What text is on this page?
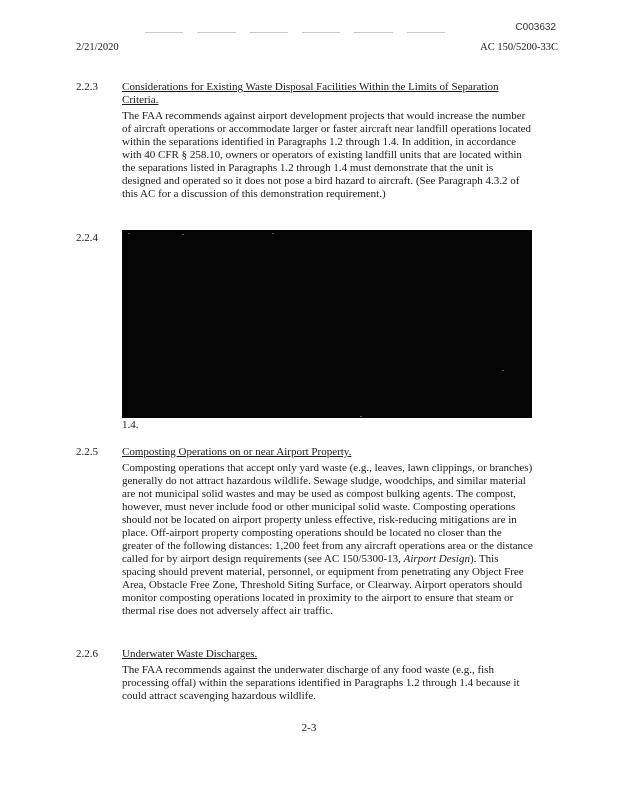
C003632
2/21/2020	AC 150/5200-33C
2.2.3	Considerations for Existing Waste Disposal Facilities Within the Limits of Separation Criteria.
The FAA recommends against airport development projects that would increase the number of aircraft operations or accommodate larger or faster aircraft near landfill operations located within the separations identified in Paragraphs 1.2 through 1.4. In addition, in accordance with 40 CFR § 258.10, owners or operators of existing landfill units that are located within the separations listed in Paragraphs 1.2 through 1.4 must demonstrate that the unit is designed and operated so it does not pose a bird hazard to aircraft. (See Paragraph 4.3.2 of this AC for a discussion of this demonstration requirement.)
2.2.4
1.4.
2.2.5	Composting Operations on or near Airport Property.
Composting operations that accept only yard waste (e.g., leaves, lawn clippings, or branches) generally do not attract hazardous wildlife. Sewage sludge, woodchips, and similar material are not municipal solid wastes and may be used as compost bulking agents. The compost, however, must never include food or other municipal solid waste. Composting operations should not be located on airport property unless effective, risk-reducing mitigations are in place. Off-airport property composting operations should be located no closer than the greater of the following distances: 1,200 feet from any aircraft operations area or the distance called for by airport design requirements (see AC 150/5300-13, Airport Design). This spacing should prevent material, personnel, or equipment from penetrating any Object Free Area, Obstacle Free Zone, Threshold Siting Surface, or Clearway. Airport operators should monitor composting operations located in proximity to the airport to ensure that steam or thermal rise does not adversely affect air traffic.
2.2.6	Underwater Waste Discharges.
The FAA recommends against the underwater discharge of any food waste (e.g., fish processing offal) within the separations identified in Paragraphs 1.2 through 1.4 because it could attract scavenging hazardous wildlife.
2-3
